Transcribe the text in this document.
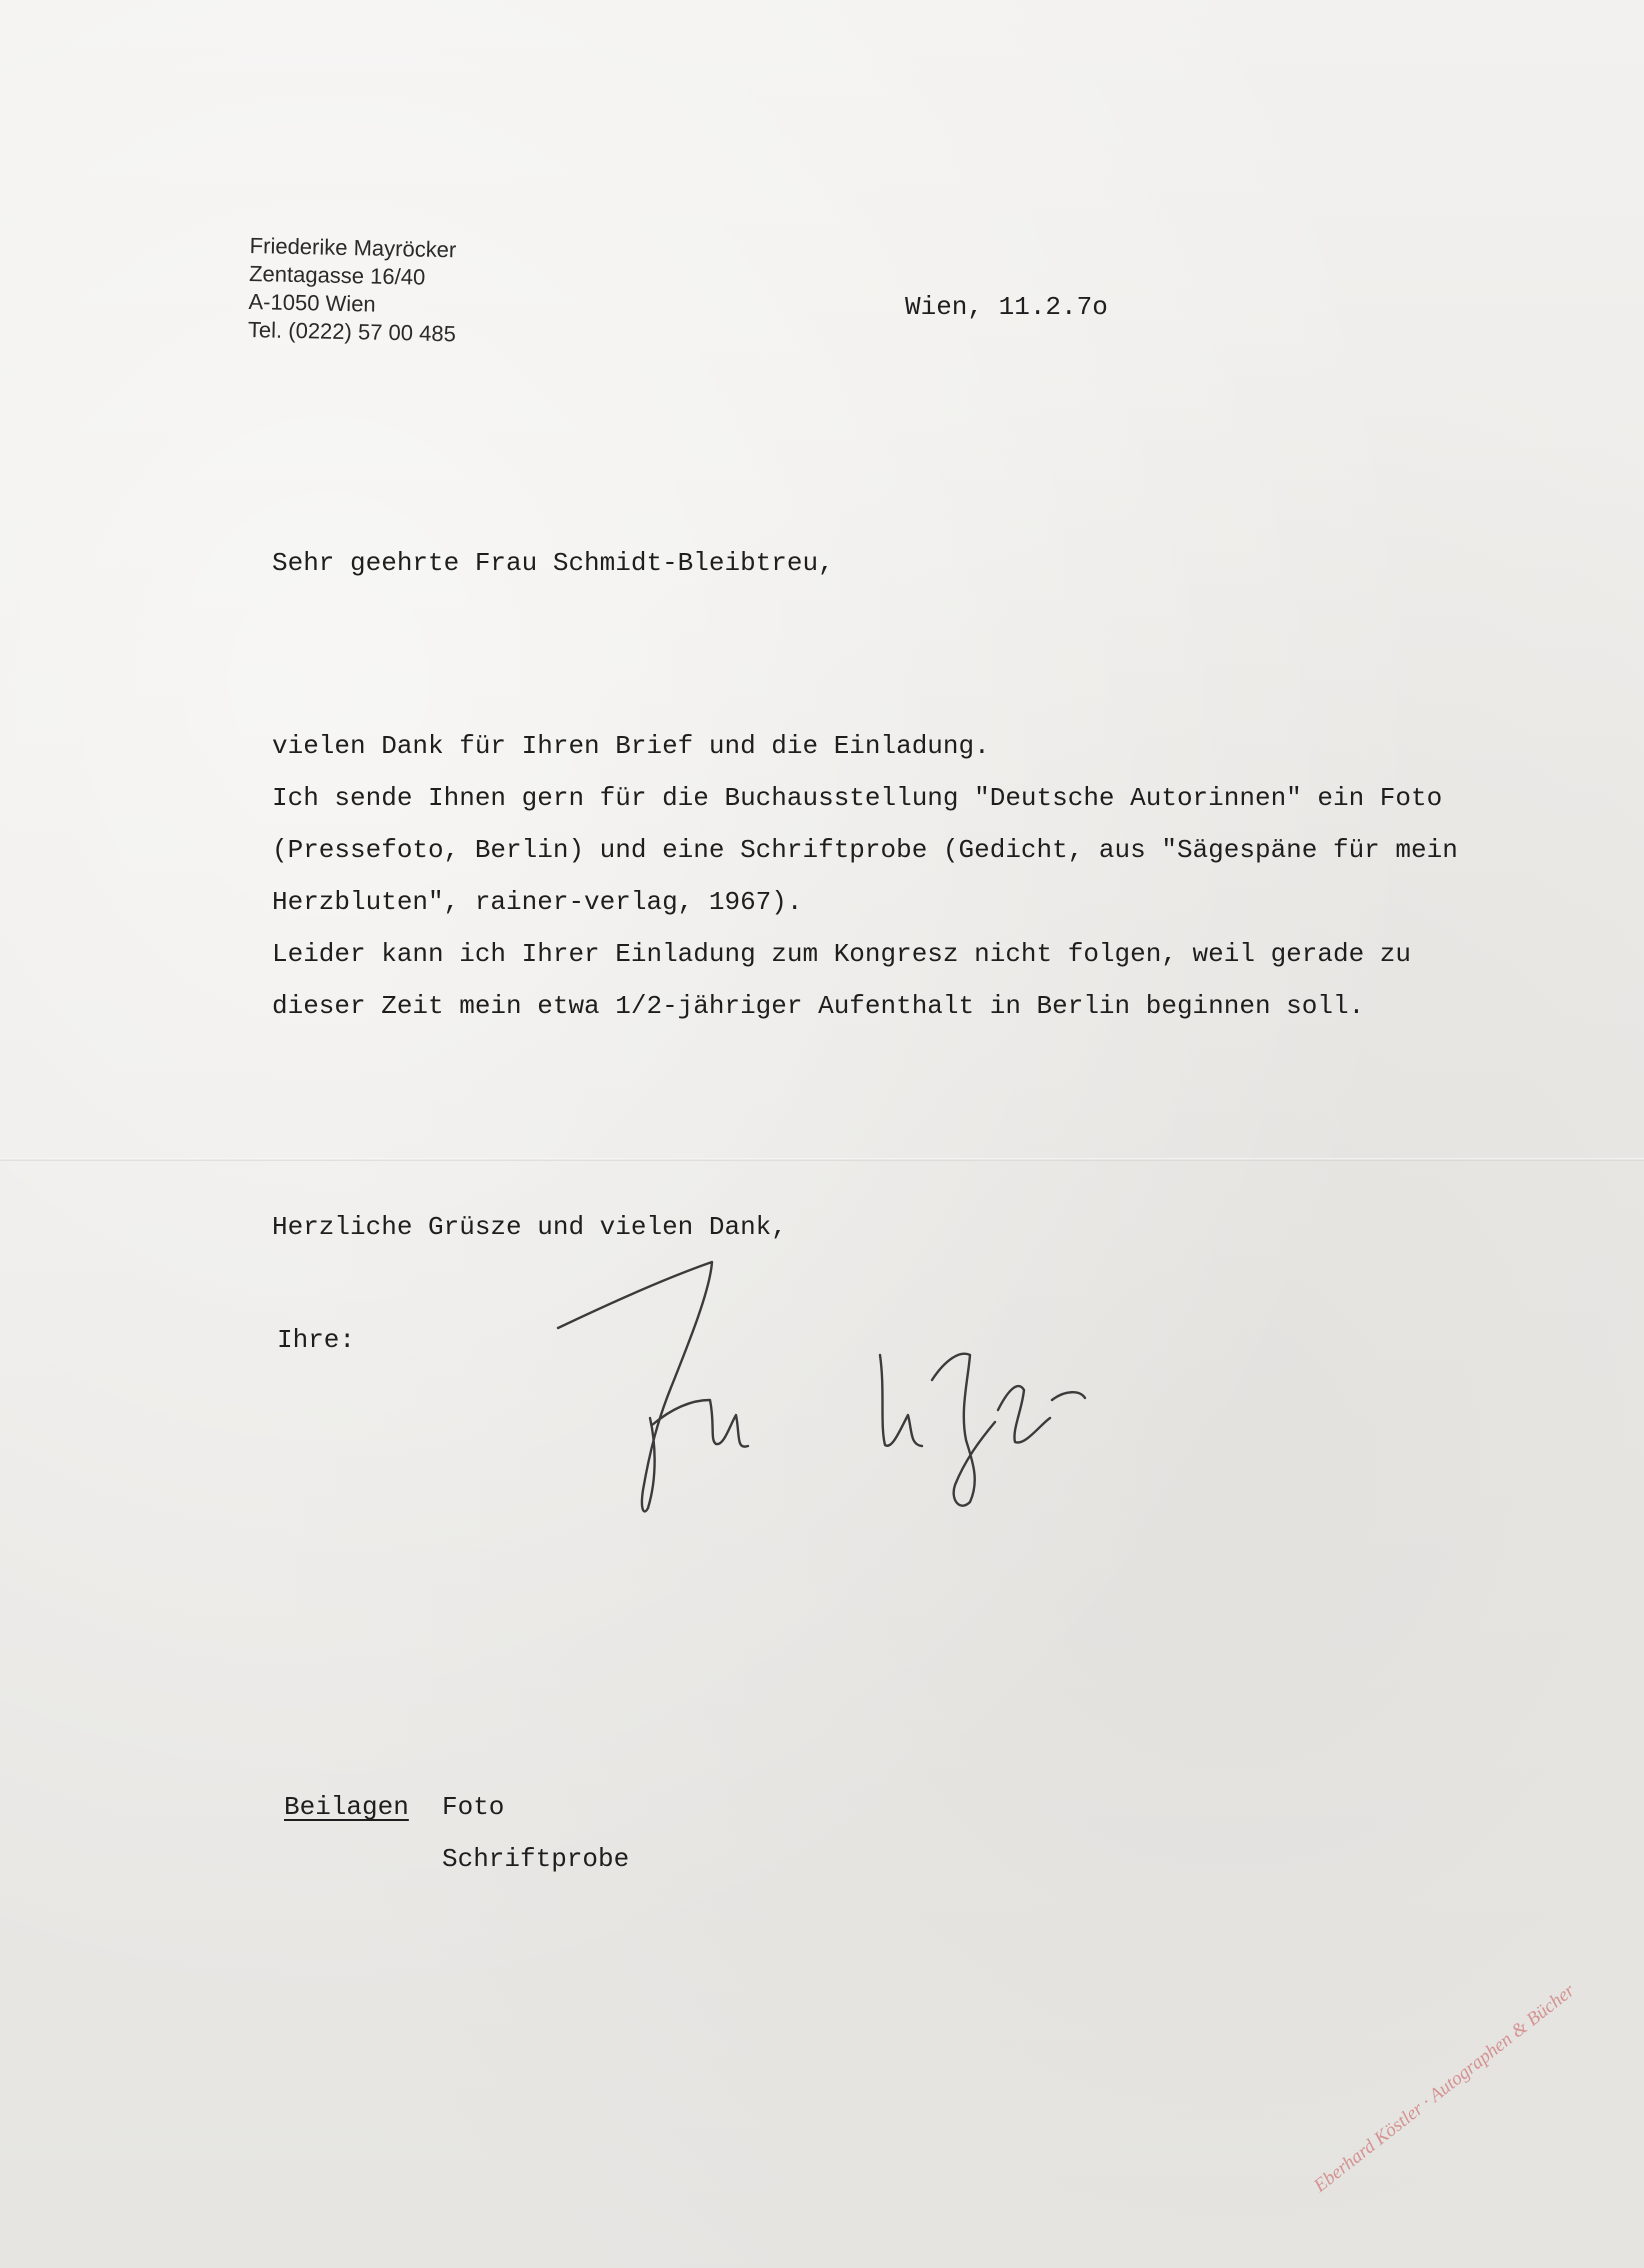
Friederike Mayröcker
Zentagasse 16/40
A-1050 Wien
Tel. (0222) 57 00 485
Wien, 11.2.7o
Sehr geehrte Frau Schmidt-Bleibtreu,
vielen Dank für Ihren Brief und die Einladung.
Ich sende Ihnen gern für die Buchausstellung "Deutsche Autorinnen" ein Foto
(Pressefoto, Berlin) und eine Schriftprobe (Gedicht, aus "Sägespäne für mein
Herzbluten", rainer-verlag, 1967).
Leider kann ich Ihrer Einladung zum Kongresz nicht folgen, weil gerade zu
dieser Zeit mein etwa 1/2-jähriger Aufenthalt in Berlin beginnen soll.
Herzliche Grüsze und vielen Dank,
Ihre:
Beilagen Foto
Schriftprobe
Eberhard Köstler · Autographen & Bücher
